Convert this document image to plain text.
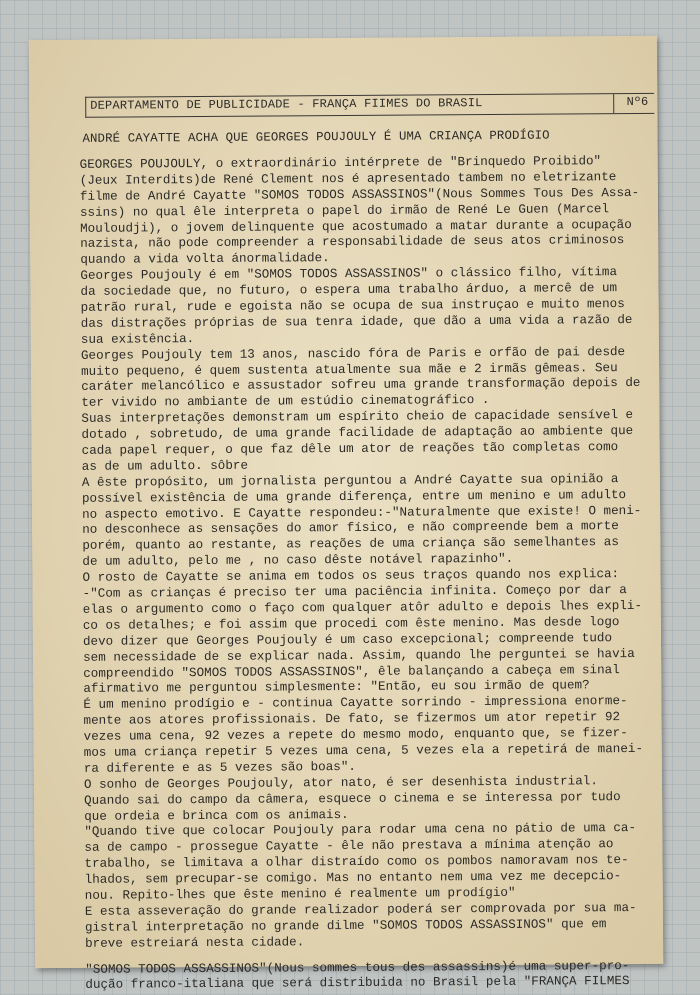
DEPARTAMENTO DE PUBLICIDADE - FRANÇA FIIMES DO BRASIL	Nº6
ANDRÉ CAYATTE ACHA QUE GEORGES POUJOULY É UMA CRIANÇA PRODÍGIO
GEORGES POUJOULY, o extraordinário intérprete de "Brinquedo Proibido"
(Jeux Interdits)de René Clement nos é apresentado tambem no eletrizante
filme de André Cayatte "SOMOS TODOS ASSASSINOS"(Nous Sommes Tous Des Assa-
ssins) no qual êle interpreta o papel do irmão de René Le Guen (Marcel
Mouloudji), o jovem delinquente que acostumado a matar durante a ocupação
nazista, não pode compreender a responsabilidade de seus atos criminosos
quando a vida volta ánormalidade.
Georges Poujouly é em "SOMOS TODOS ASSASSINOS" o clássico filho, vítima
da sociedade que, no futuro, o espera uma trabalho árduo, a mercê de um
patrão rural, rude e egoista não se ocupa de sua instruçao e muito menos
das distrações próprias de sua tenra idade, que dão a uma vida a razão de
sua existência.
Georges Poujouly tem 13 anos, nascido fóra de Paris e orfão de pai desde
muito pequeno, é quem sustenta atualmente sua mãe e 2 irmãs gêmeas. Seu
caráter melancólico e assustador sofreu uma grande transformação depois de
ter vivido no ambiante de um estúdio cinematográfico .
Suas interpretações demonstram um espírito cheio de capacidade sensível e
dotado , sobretudo, de uma grande facilidade de adaptação ao ambiente que
cada papel requer, o que faz dêle um ator de reações tão completas como
as de um adulto. sôbre
A êste propósito, um jornalista perguntou a André Cayatte sua opinião a
possível existência de uma grande diferença, entre um menino e um adulto
no aspecto emotivo. E Cayatte respondeu:-"Naturalmente que existe! O meni-
no desconhece as sensações do amor físico, e não compreende bem a morte
porém, quanto ao restante, as reações de uma criança são semelhantes as
de um adulto, pelo me , no caso dêste notável rapazinho".
O rosto de Cayatte se anima em todos os seus traços quando nos explica:
-"Com as crianças é preciso ter uma paciência infinita. Começo por dar a
elas o argumento como o faço com qualquer atôr adulto e depois lhes expli-
co os detalhes; e foi assim que procedi com êste menino. Mas desde logo
devo dizer que Georges Poujouly é um caso excepcional; compreende tudo
sem necessidade de se explicar nada. Assim, quando lhe perguntei se havia
compreendido "SOMOS TODOS ASSASSINOS", êle balançando a cabeça em sinal
afirmativo me perguntou simplesmente: "Então, eu sou irmão de quem?
É um menino prodígio e - continua Cayatte sorrindo - impressiona enorme-
mente aos atores profissionais. De fato, se fizermos um ator repetir 92
vezes uma cena, 92 vezes a repete do mesmo modo, enquanto que, se fizer-
mos uma criança repetir 5 vezes uma cena, 5 vezes ela a repetirá de manei-
ra diferente e as 5 vezes são boas".
O sonho de Georges Poujouly, ator nato, é ser desenhista industrial.
Quando sai do campo da câmera, esquece o cinema e se interessa por tudo
que ordeia e brinca com os animais.
"Quando tive que colocar Poujouly para rodar uma cena no pátio de uma ca-
sa de campo - prossegue Cayatte - êle não prestava a mínima atenção ao
trabalho, se limitava a olhar distraído como os pombos namoravam nos te-
lhados, sem precupar-se comigo. Mas no entanto nem uma vez me decepcio-
nou. Repito-lhes que êste menino é realmente um prodígio"
E esta asseveração do grande realizador poderá ser comprovada por sua ma-
gistral interpretação no grande dilme "SOMOS TODOS ASSASSINOS" que em
breve estreiará nesta cidade.
"SOMOS TODOS ASSASSINOS"(Nous sommes tous des assassins)é uma super-pro-
dução franco-italiana que será distribuida no Brasil pela "FRANÇA FILMES
